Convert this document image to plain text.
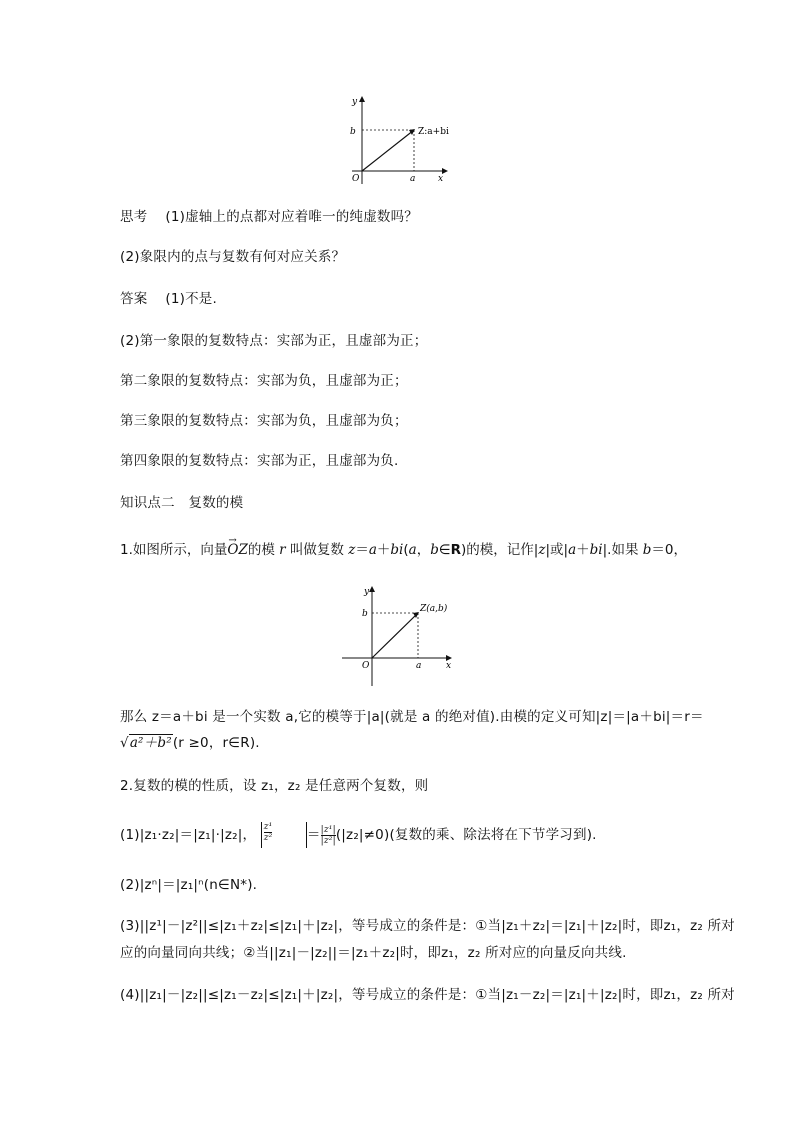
y
b	Z:a+bi
O	a	x
思考 (1)虚轴上的点都对应着唯一的纯虚数吗？
(2)象限内的点与复数有何对应关系？
答案 (1)不是.
(2)第一象限的复数特点：实部为正，且虚部为正；
第二象限的复数特点：实部为负，且虚部为正；
第三象限的复数特点：实部为负，且虚部为负；
第四象限的复数特点：实部为正，且虚部为负.
知识点二　复数的模
1.如图所示，向量→ OZ的模 r 叫做复数 z＝a＋bi(a，b∈R)的模，记作|z|或|a＋bi|.如果 b＝0，
y
b	Z(a,b)
O	a	x
那么 z＝a＋bi 是一个实数 a,它的模等于|a|(就是 a 的绝对值).由模的定义可知|z|＝|a＋bi|＝r＝
√a²＋b²(r ≥0，r∈R).
2.复数的模的性质，设 z₁，z₂ 是任意两个复数，则
(1)|z₁·z₂|＝|z₁|·|z₂|， $\frac{\text{z¹}}{\text{z²}}$	＝ $\frac{\text{|z¹|}}{\text{|z²|}} (|z_2|\ne 0)$(复数的乘、除法将在下节学习到).
(2)|zⁿ|＝|z₁|ⁿ(n∈N*).
(3)||z¹|－|z²||≤|z₁＋z₂|≤|z₁|＋|z₂|，等号成立的条件是：①当|z₁＋z₂|＝|z₁|＋|z₂|时，即z₁，z₂ 所对
应的向量同向共线；②当||z₁|－|z₂||＝|z₁＋z₂|时，即z₁，z₂ 所对应的向量反向共线.
(4)||z₁|－|z₂||≤|z₁－z₂|≤|z₁|＋|z₂|，等号成立的条件是：①当|z₁－z₂|＝|z₁|＋|z₂|时，即z₁，z₂ 所对
